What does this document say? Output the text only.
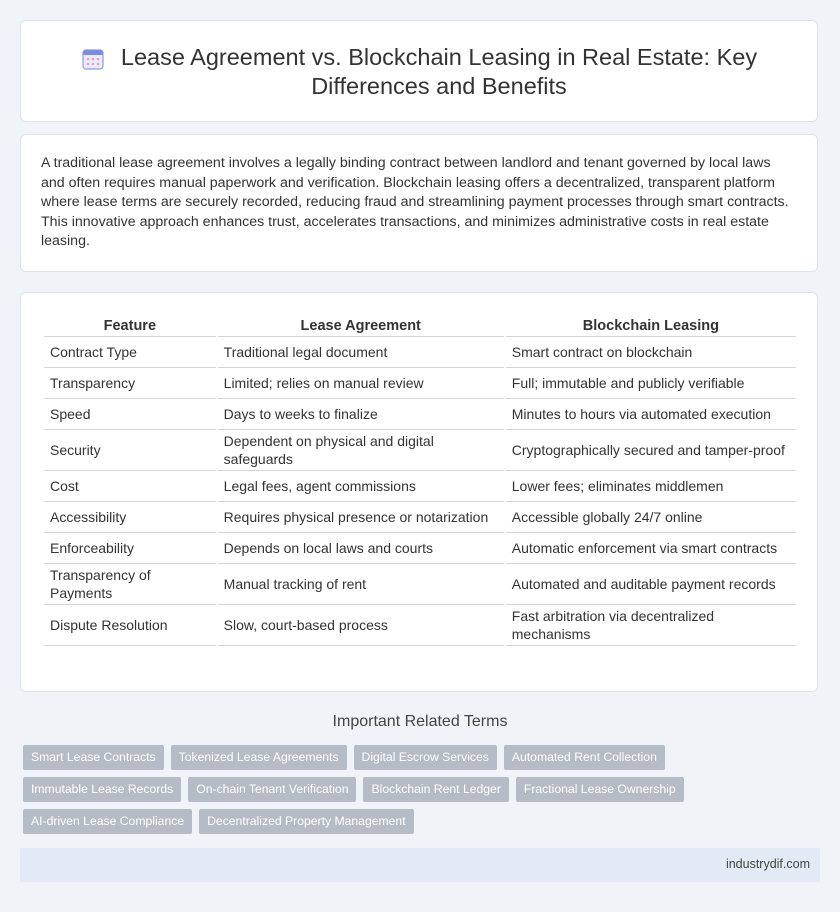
Lease Agreement vs. Blockchain Leasing in Real Estate: Key Differences and Benefits
A traditional lease agreement involves a legally binding contract between landlord and tenant governed by local laws and often requires manual paperwork and verification. Blockchain leasing offers a decentralized, transparent platform where lease terms are securely recorded, reducing fraud and streamlining payment processes through smart contracts. This innovative approach enhances trust, accelerates transactions, and minimizes administrative costs in real estate leasing.
Feature	Lease Agreement	Blockchain Leasing
Contract Type	Traditional legal document	Smart contract on blockchain
Transparency	Limited; relies on manual review	Full; immutable and publicly verifiable
Speed	Days to weeks to finalize	Minutes to hours via automated execution
Security	Dependent on physical and digital safeguards	Cryptographically secured and tamper-proof
Cost	Legal fees, agent commissions	Lower fees; eliminates middlemen
Accessibility	Requires physical presence or notarization	Accessible globally 24/7 online
Enforceability	Depends on local laws and courts	Automatic enforcement via smart contracts
Transparency of Payments	Manual tracking of rent	Automated and auditable payment records
Dispute Resolution	Slow, court-based process	Fast arbitration via decentralized mechanisms
Important Related Terms
Smart Lease Contracts	Tokenized Lease Agreements	Digital Escrow Services	Automated Rent Collection
Immutable Lease Records	On-chain Tenant Verification	Blockchain Rent Ledger	Fractional Lease Ownership
AI-driven Lease Compliance	Decentralized Property Management
industrydif.com
